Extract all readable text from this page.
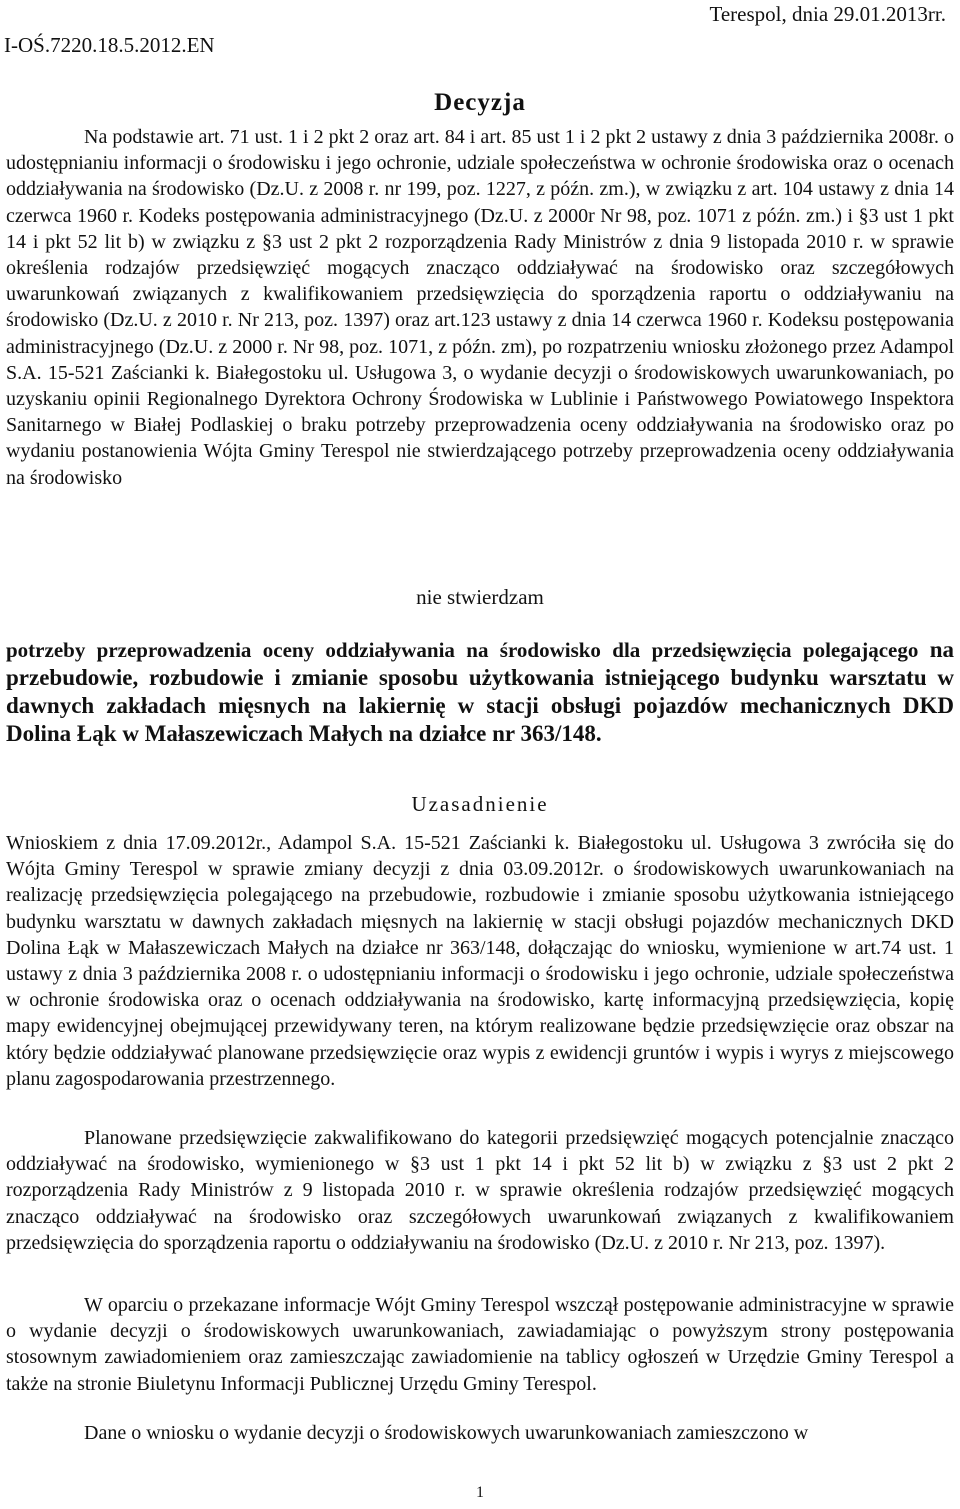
I-OŚ.7220.18.5.2012.EN
Terespol, dnia 29.01.2013rr.
Decyzja

Na podstawie art. 71 ust. 1 i 2 pkt 2 oraz art. 84 i art. 85 ust 1 i 2 pkt 2 ustawy z dnia 3 października 2008r. o udostępnianiu informacji o środowisku i jego ochronie, udziale społeczeństwa w ochronie środowiska oraz o ocenach oddziaływania na środowisko (Dz.U. z 2008 r. nr 199, poz. 1227, z późn. zm.), w związku z art. 104 ustawy z dnia 14 czerwca 1960 r. Kodeks postępowania administracyjnego (Dz.U. z 2000r Nr 98, poz. 1071 z późn. zm.) i §3 ust 1 pkt 14 i pkt 52 lit b) w związku z §3 ust 2 pkt 2 rozporządzenia Rady Ministrów z dnia 9 listopada 2010 r. w sprawie określenia rodzajów przedsięwzięć mogących znacząco oddziaływać na środowisko oraz szczegółowych uwarunkowań związanych z kwalifikowaniem przedsięwzięcia do sporządzenia raportu o oddziaływaniu na środowisko (Dz.U. z 2010 r. Nr 213, poz. 1397) oraz art.123 ustawy z dnia 14 czerwca 1960 r. Kodeksu postępowania administracyjnego (Dz.U. z 2000 r. Nr 98, poz. 1071, z późn. zm), po rozpatrzeniu wniosku złożonego przez Adampol S.A. 15-521 Zaścianki k. Białegostoku ul. Usługowa 3, o wydanie decyzji o środowiskowych uwarunkowaniach, po uzyskaniu opinii Regionalnego Dyrektora Ochrony Środowiska w Lublinie i Państwowego Powiatowego Inspektora Sanitarnego w Białej Podlaskiej o braku potrzeby przeprowadzenia oceny oddziaływania na środowisko oraz po wydaniu postanowienia Wójta Gminy Terespol nie stwierdzającego potrzeby przeprowadzenia oceny oddziaływania na środowisko

nie stwierdzam

potrzeby przeprowadzenia oceny oddziaływania na środowisko dla przedsięwzięcia polegającego na przebudowie, rozbudowie i zmianie sposobu użytkowania istniejącego budynku warsztatu w dawnych zakładach mięsnych na lakiernię w stacji obsługi pojazdów mechanicznych DKD Dolina Łąk w Małaszewiczach Małych na działce nr 363/148.

Uzasadnienie

Wnioskiem z dnia 17.09.2012r., Adampol S.A. 15-521 Zaścianki k. Białegostoku ul. Usługowa 3 zwróciła się do Wójta Gminy Terespol w sprawie zmiany decyzji z dnia 03.09.2012r. o środowiskowych uwarunkowaniach na realizację przedsięwzięcia polegającego na przebudowie, rozbudowie i zmianie sposobu użytkowania istniejącego budynku warsztatu w dawnych zakładach mięsnych na lakiernię w stacji obsługi pojazdów mechanicznych DKD Dolina Łąk w Małaszewiczach Małych na działce nr 363/148, dołączając do wniosku, wymienione w art.74 ust. 1 ustawy z dnia 3 października 2008 r. o udostępnianiu informacji o środowisku i jego ochronie, udziale społeczeństwa w ochronie środowiska oraz o ocenach oddziaływania na środowisko, kartę informacyjną przedsięwzięcia, kopię mapy ewidencyjnej obejmującej przewidywany teren, na którym realizowane będzie przedsięwzięcie oraz obszar na który będzie oddziaływać planowane przedsięwzięcie oraz wypis z ewidencji gruntów i wypis i wyrys z miejscowego planu zagospodarowania przestrzennego.

Planowane przedsięwzięcie zakwalifikowano do kategorii przedsięwzięć mogących potencjalnie znacząco oddziaływać na środowisko, wymienionego w §3 ust 1 pkt 14 i pkt 52 lit b) w związku z §3 ust 2 pkt 2 rozporządzenia Rady Ministrów z 9 listopada 2010 r. w sprawie określenia rodzajów przedsięwzięć mogących znacząco oddziaływać na środowisko oraz szczegółowych uwarunkowań związanych z kwalifikowaniem przedsięwzięcia do sporządzenia raportu o oddziaływaniu na środowisko (Dz.U. z 2010 r. Nr 213, poz. 1397).

W oparciu o przekazane informacje Wójt Gminy Terespol wszczął postępowanie administracyjne w sprawie o wydanie decyzji o środowiskowych uwarunkowaniach, zawiadamiając o powyższym strony postępowania stosownym zawiadomieniem oraz zamieszczając zawiadomienie na tablicy ogłoszeń w Urzędzie Gminy Terespol a także na stronie Biuletynu Informacji Publicznej Urzędu Gminy Terespol.

Dane o wniosku o wydanie decyzji o środowiskowych uwarunkowaniach zamieszczono w

1
